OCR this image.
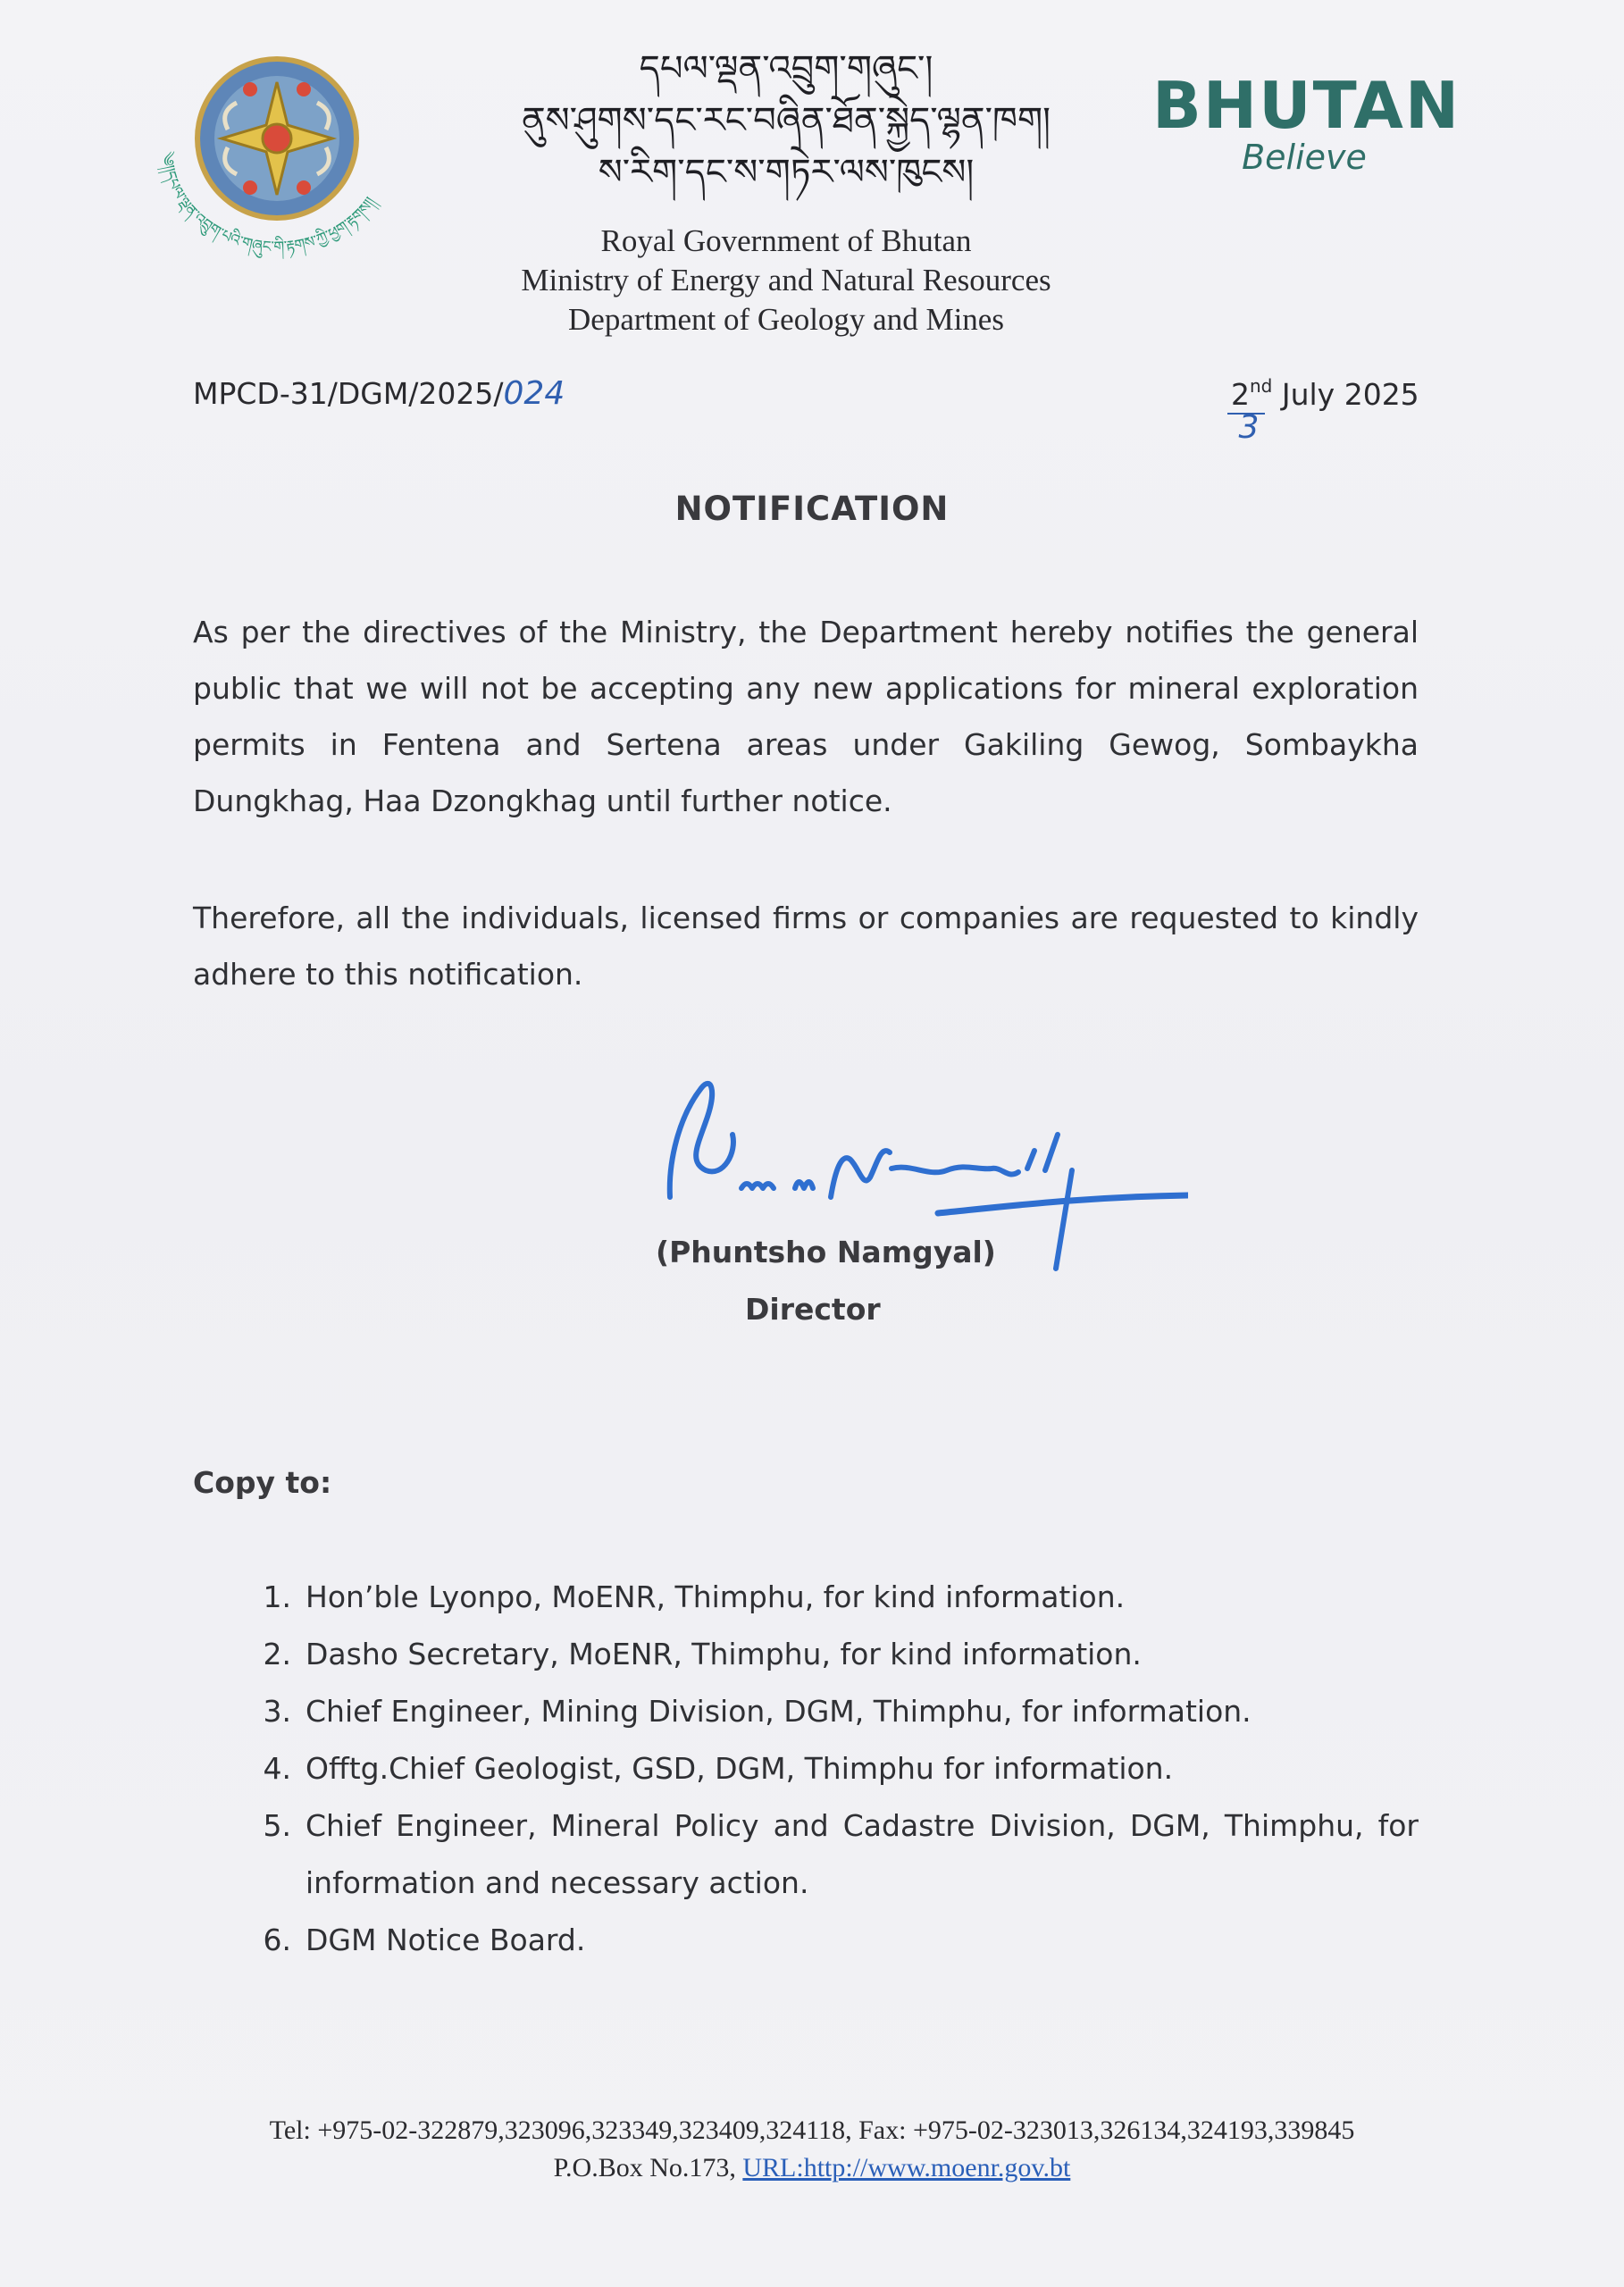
༄།།དཔལ་ལྡན་འབྲུག་པའི་གཞུང་གི་རྟགས་ཀྱི་ཕྱག་རྟགས།།
དཔལ་ལྡན་འབྲུག་གཞུང་།
ནུས་ཤུགས་དང་རང་བཞིན་ཐོན་སྐྱེད་ལྷན་ཁག།
ས་རིག་དང་ས་གཏེར་ལས་ཁུངས།
Royal Government of Bhutan
Ministry of Energy and Natural Resources
Department of Geology and Mines
BHUTAN
Believe
MPCD-31/DGM/2025/024	2nd July 2025
3
NOTIFICATION
As per the directives of the Ministry, the Department hereby notifies the general public that we will not be accepting any new applications for mineral exploration permits in Fentena and Sertena areas under Gakiling Gewog, Sombaykha Dungkhag, Haa Dzongkhag until further notice.
Therefore, all the individuals, licensed firms or companies are requested to kindly adhere to this notification.
(Phuntsho Namgyal)
Director
Copy to:
1. Hon’ble Lyonpo, MoENR, Thimphu, for kind information.
2. Dasho Secretary, MoENR, Thimphu, for kind information.
3. Chief Engineer, Mining Division, DGM, Thimphu, for information.
4. Offtg.Chief Geologist, GSD, DGM, Thimphu for information.
5. Chief Engineer, Mineral Policy and Cadastre Division, DGM, Thimphu, for information and necessary action.
6. DGM Notice Board.
Tel: +975-02-322879,323096,323349,323409,324118, Fax: +975-02-323013,326134,324193,339845
P.O.Box No.173, URL:http://www.moenr.gov.bt
